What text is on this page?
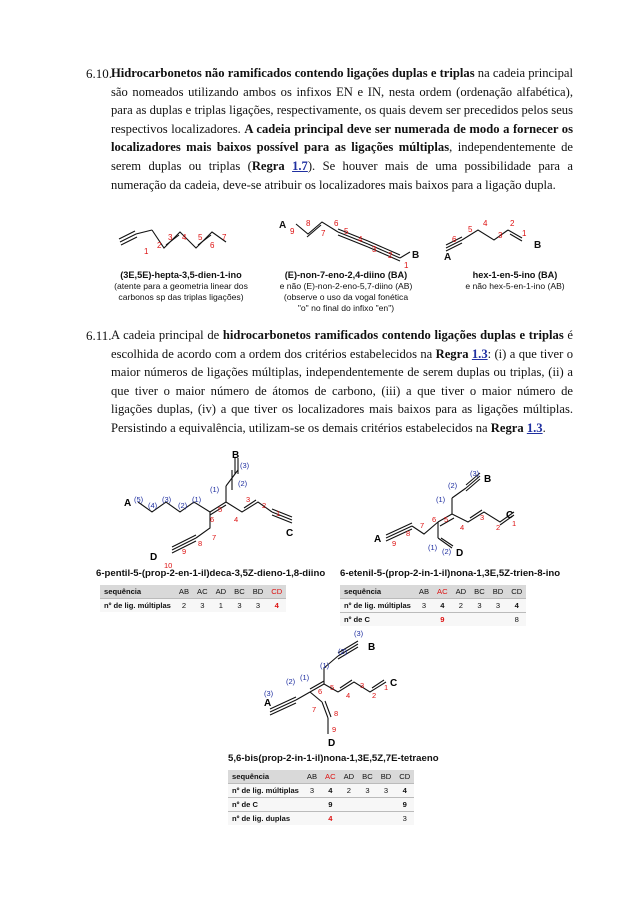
6.10. Hidrocarbonetos não ramificados contendo ligações duplas e triplas na cadeia principal são nomeados utilizando ambos os infixos EN e IN, nesta ordem (ordenação alfabética), para as duplas e triplas ligações, respectivamente, os quais devem ser precedidos pelos seus respectivos localizadores. A cadeia principal deve ser numerada de modo a fornecer os localizadores mais baixos possível para as ligações múltiplas, independentemente de serem duplas ou triplas (Regra 1.7). Se houver mais de uma possibilidade para a numeração da cadeia, deve-se atribuir os localizadores mais baixos para a ligação dupla.
1
2
3 4 5
6
7
A
B
9
8
7
6
5
4
3
2
1
A
B
6
5
4
3
2
1
(3E,5E)-hepta-3,5-dien-1-ino
(atente para a geometria linear dos
carbonos sp das triplas ligações)
(E)-non-7-eno-2,4-diino (BA)
e não (E)-non-2-eno-5,7-diino (AB)
(observe o uso da vogal fonética
"o" no final do infixo "en")
hex-1-en-5-ino (BA)
e não hex-5-en-1-ino (AB)
6.11. A cadeia principal de hidrocarbonetos ramificados contendo ligações duplas e triplas é escolhida de acordo com a ordem dos critérios estabelecidos na Regra 1.3: (i) a que tiver o maior números de ligações múltiplas, independentemente de serem duplas ou triplas, (ii) a que tiver o maior número de átomos de carbono, (iii) a que tiver o maior número de ligações duplas, (iv) a que tiver os localizadores mais baixos para as ligações múltiplas. Persistindo a equivalência, utilizam-se os demais critérios estabelecidos na Regra 1.3.
A
B
C
D
(5)
(4)
(3)
(2)
(1)
(1)
(2)
(3)
3
2
1
4
5
6
7
8
9
10
6-pentil-5-(prop-2-en-1-il)deca-3,5Z-dieno-1,8-diino
sequência	AB	AC	AD	BC	BD	CD
nº de lig. múltiplas	2	3	1	3	3	4
A
B
C
D
(1)
(2)
(3)
(1) (2)
9
8
7
6 5
4
3
2 1
6-etenil-5-(prop-2-in-1-il)nona-1,3E,5Z-trien-8-ino
sequência	AB	AC	AD	BC	BD	CD
nº de lig. múltiplas	3	4	2	3	3	4
nº de C		9				8
A
B
C
D
(3)
(2) (1)
(1)
(2)
(3)
6 5
4
3
2
1
7 8
9
5,6-bis(prop-2-in-1-il)nona-1,3E,5Z,7E-tetraeno
sequência	AB	AC	AD	BC	BD	CD
nº de lig. múltiplas	3	4	2	3	3	4
nº de C		9				9
nº de lig. duplas		4				3
